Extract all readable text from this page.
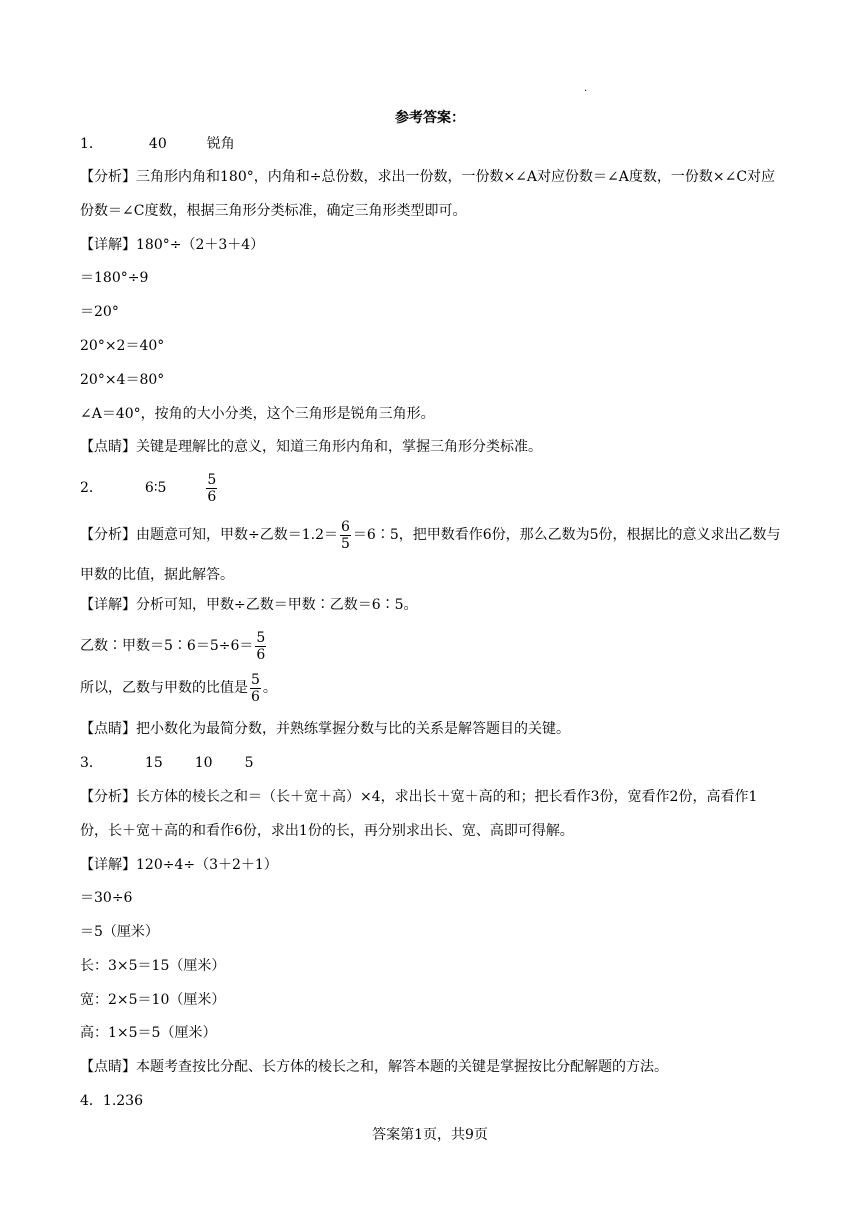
.
参考答案：
1．	40	锐角
【分析】三角形内角和180°，内角和÷总份数，求出一份数，一份数×∠A对应份数＝∠A度数，一份数×∠C对应份数＝∠C度数，根据三角形分类标准，确定三角形类型即可。
【详解】180°÷（2＋3＋4）
＝180°÷9
＝20°
20°×2＝40°
20°×4＝80°
∠A＝40°，按角的大小分类，这个三角形是锐角三角形。
【点睛】关键是理解比的意义，知道三角形内角和，掌握三角形分类标准。
2．	6∶5	$\frac{5}{6}$
【分析】由题意可知，甲数÷乙数$=1.2= \frac{6}{5}$ ＝6∶5，把甲数看作6份，那么乙数为5份，根据比的意义求出乙数与甲数的比值，据此解答。
【详解】分析可知，甲数÷乙数＝甲数∶乙数＝6∶5。
乙数∶甲数＝5∶6＝5÷6＝ $\frac{5}{6}$
所以，乙数与甲数的比值是 $\frac{5}{6}$ 。
【点睛】把小数化为最简分数，并熟练掌握分数与比的关系是解答题目的关键。
3．	15 10 5
【分析】长方体的棱长之和＝（长＋宽＋高）×4，求出长＋宽＋高的和；把长看作3份，宽看作2份，高看作1份，长＋宽＋高的和看作6份，求出1份的长，再分别求出长、宽、高即可得解。
【详解】120÷4÷（3＋2＋1）
＝30÷6
＝5（厘米）
长：3×5＝15（厘米）
宽：2×5＝10（厘米）
高：1×5＝5（厘米）
【点睛】本题考查按比分配、长方体的棱长之和，解答本题的关键是掌握按比分配解题的方法。
4．1.236
答案第1页，共9页
